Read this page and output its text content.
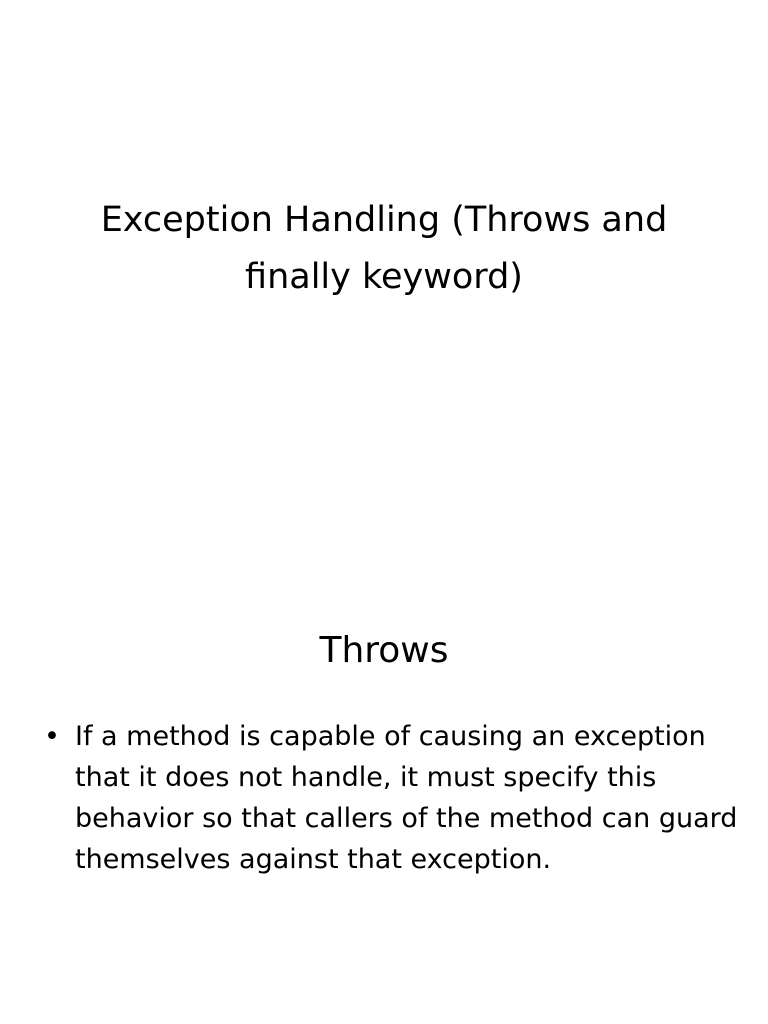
Exception Handling (Throws and
finally keyword)
Throws
• If a method is capable of causing an exception that it does not handle, it must specify this behavior so that callers of the method can guard themselves against that exception.
